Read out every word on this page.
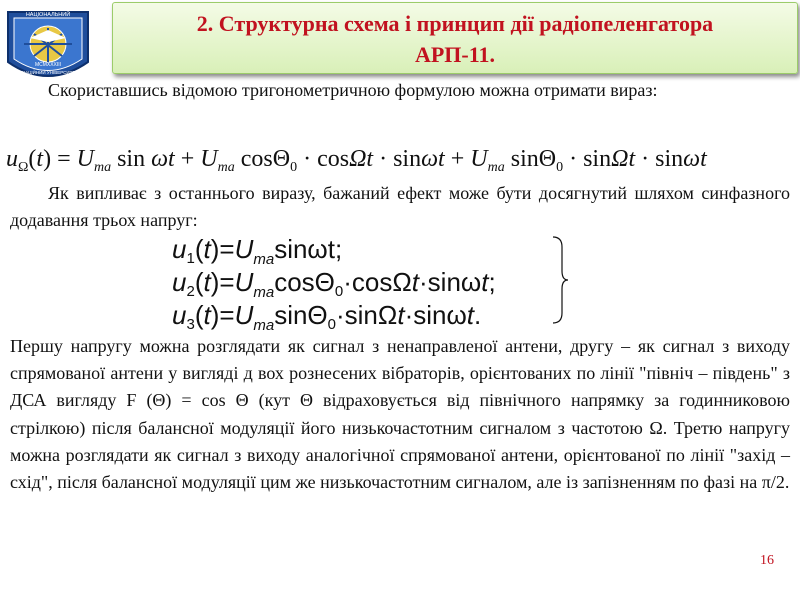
НАЦІОНАЛЬНИЙ
MCMXXXIII
АВІАЦІЙНИЙ УНІВЕРСИТЕТ
2. Структурна схема і принцип дії радіопеленгатора
АРП-11.
Скориставшись відомою тригонометричною формулою можна отримати вираз:
$u_\Omega(t) = U_{ma}$ $\sin \omega t + U_{ma}$ $\cos\Theta_0 \cdot \cos\Omega t \cdot \sin\omega t + U_{ma}$ sinΘ$_0$ · sinΩt · sinωt
Як випливає з останнього виразу, бажаний ефект може бути досягнутий шляхом синфазного додавання трьох напруг:
$u1(t)=U_{ma}\sin\omega t$;
$u2(t)=U_{ma}\cos\Theta 0\cdot\cos\Omega t\cdot\sin\omega t$;
$u3(t)=U_{ma}\sin\Theta 0\cdot\sin\Omega t\cdot\sin\omega t$.
Першу напругу можна розглядати як сигнал з ненаправленої антени, другу – як сигнал з виходу спрямованої антени у вигляді д вох рознесених вібраторів, орієнтованих по лінії "північ – південь" з ДСА вигляду F (Θ) = cos Θ (кут Θ відраховується від північного напрямку за годинниковою стрілкою) після балансної модуляції його низькочастотним сигналом з частотою Ω. Третю напругу можна розглядати як сигнал з виходу аналогічної спрямованої антени, орієнтованої по лінії "захід – схід", після балансної модуляції цим же низькочастотним сигналом, але із запізненням по фазі на π/2.
16
